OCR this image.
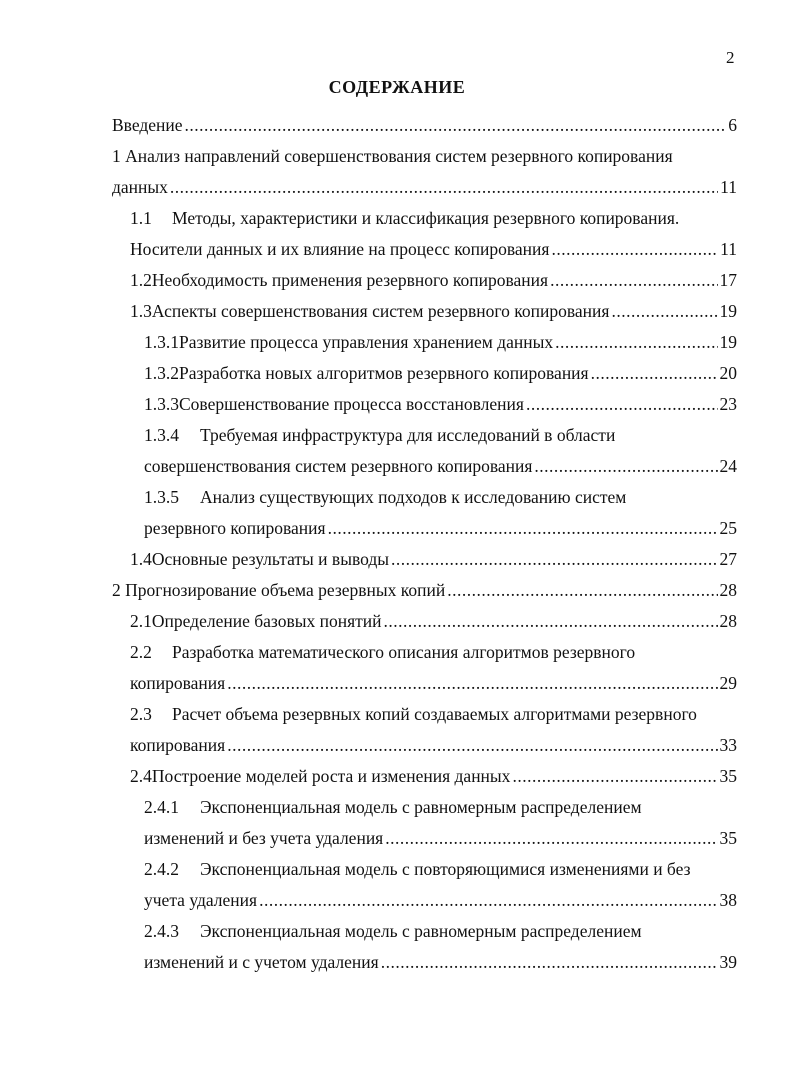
2
СОДЕРЖАНИЕ
Введение .....	6
1 Анализ направлений совершенствования систем резервного копирования
данных .....	11
1.1	Методы, характеристики и классификация резервного копирования.
Носители данных и их влияние на процесс копирования .....	11
1.2 Необходимость применения резервного копирования .....	17
1.3 Аспекты совершенствования систем резервного копирования .....	19
1.3.1 Развитие процесса управления хранением данных .....	19
1.3.2 Разработка новых алгоритмов резервного копирования .....	20
1.3.3 Совершенствование процесса восстановления .....	23
1.3.4	Требуемая инфраструктура для исследований в области
совершенствования систем резервного копирования .....	24
1.3.5	Анализ существующих подходов к исследованию систем
резервного копирования .....	25
1.4 Основные результаты и выводы .....	27
2 Прогнозирование объема резервных копий .....	28
2.1 Определение базовых понятий .....	28
2.2	Разработка математического описания алгоритмов резервного
копирования .....	29
2.3	Расчет объема резервных копий создаваемых алгоритмами резервного
копирования .....	33
2.4 Построение моделей роста и изменения данных .....	35
2.4.1	Экспоненциальная модель с равномерным распределением
изменений и без учета удаления .....	35
2.4.2	Экспоненциальная модель с повторяющимися изменениями и без
учета удаления .....	38
2.4.3	Экспоненциальная модель с равномерным распределением
изменений и с учетом удаления .....	39
